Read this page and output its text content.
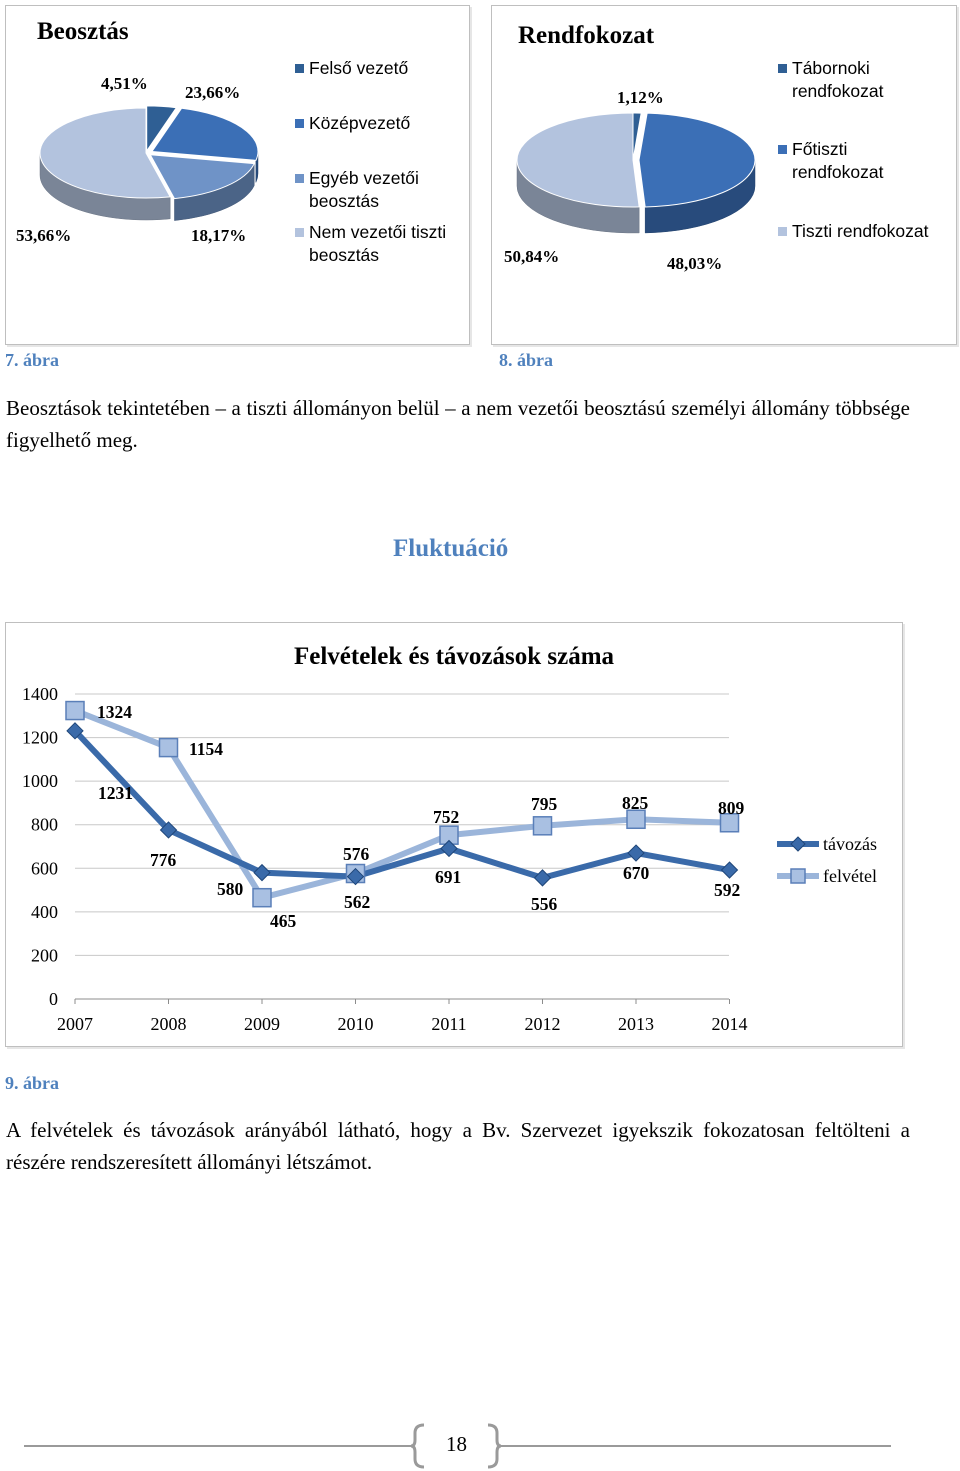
Beosztás
4,51% 23,66%
18,17%
53,66%
Felső vezető
Középvezető
Egyéb vezetői
beosztás
Nem vezetői tiszti
beosztás
7. ábra
Rendfokozat
1,12%
48,03%
50,84%
Tábornoki
rendfokozat
Főtiszti
rendfokozat
Tiszti rendfokozat
8. ábra
Beosztások tekintetében – a tiszti állományon belül – a nem vezetői beosztású személyi állomány többsége figyelhető meg.
Fluktuáció
Felvételek és távozások száma
0
200
400
600
800
1000
1200
1400
2007	2008	2009	2010	2011	2012	2013	2014
1231
776
580
562
691
556
670
592
1324
1154
465
576
752
795	825	809
távozás
felvétel
9. ábra
A felvételek és távozások arányából látható, hogy a Bv. Szervezet igyekszik fokozatosan feltölteni a részére rendszeresített állományi létszámot.
18
